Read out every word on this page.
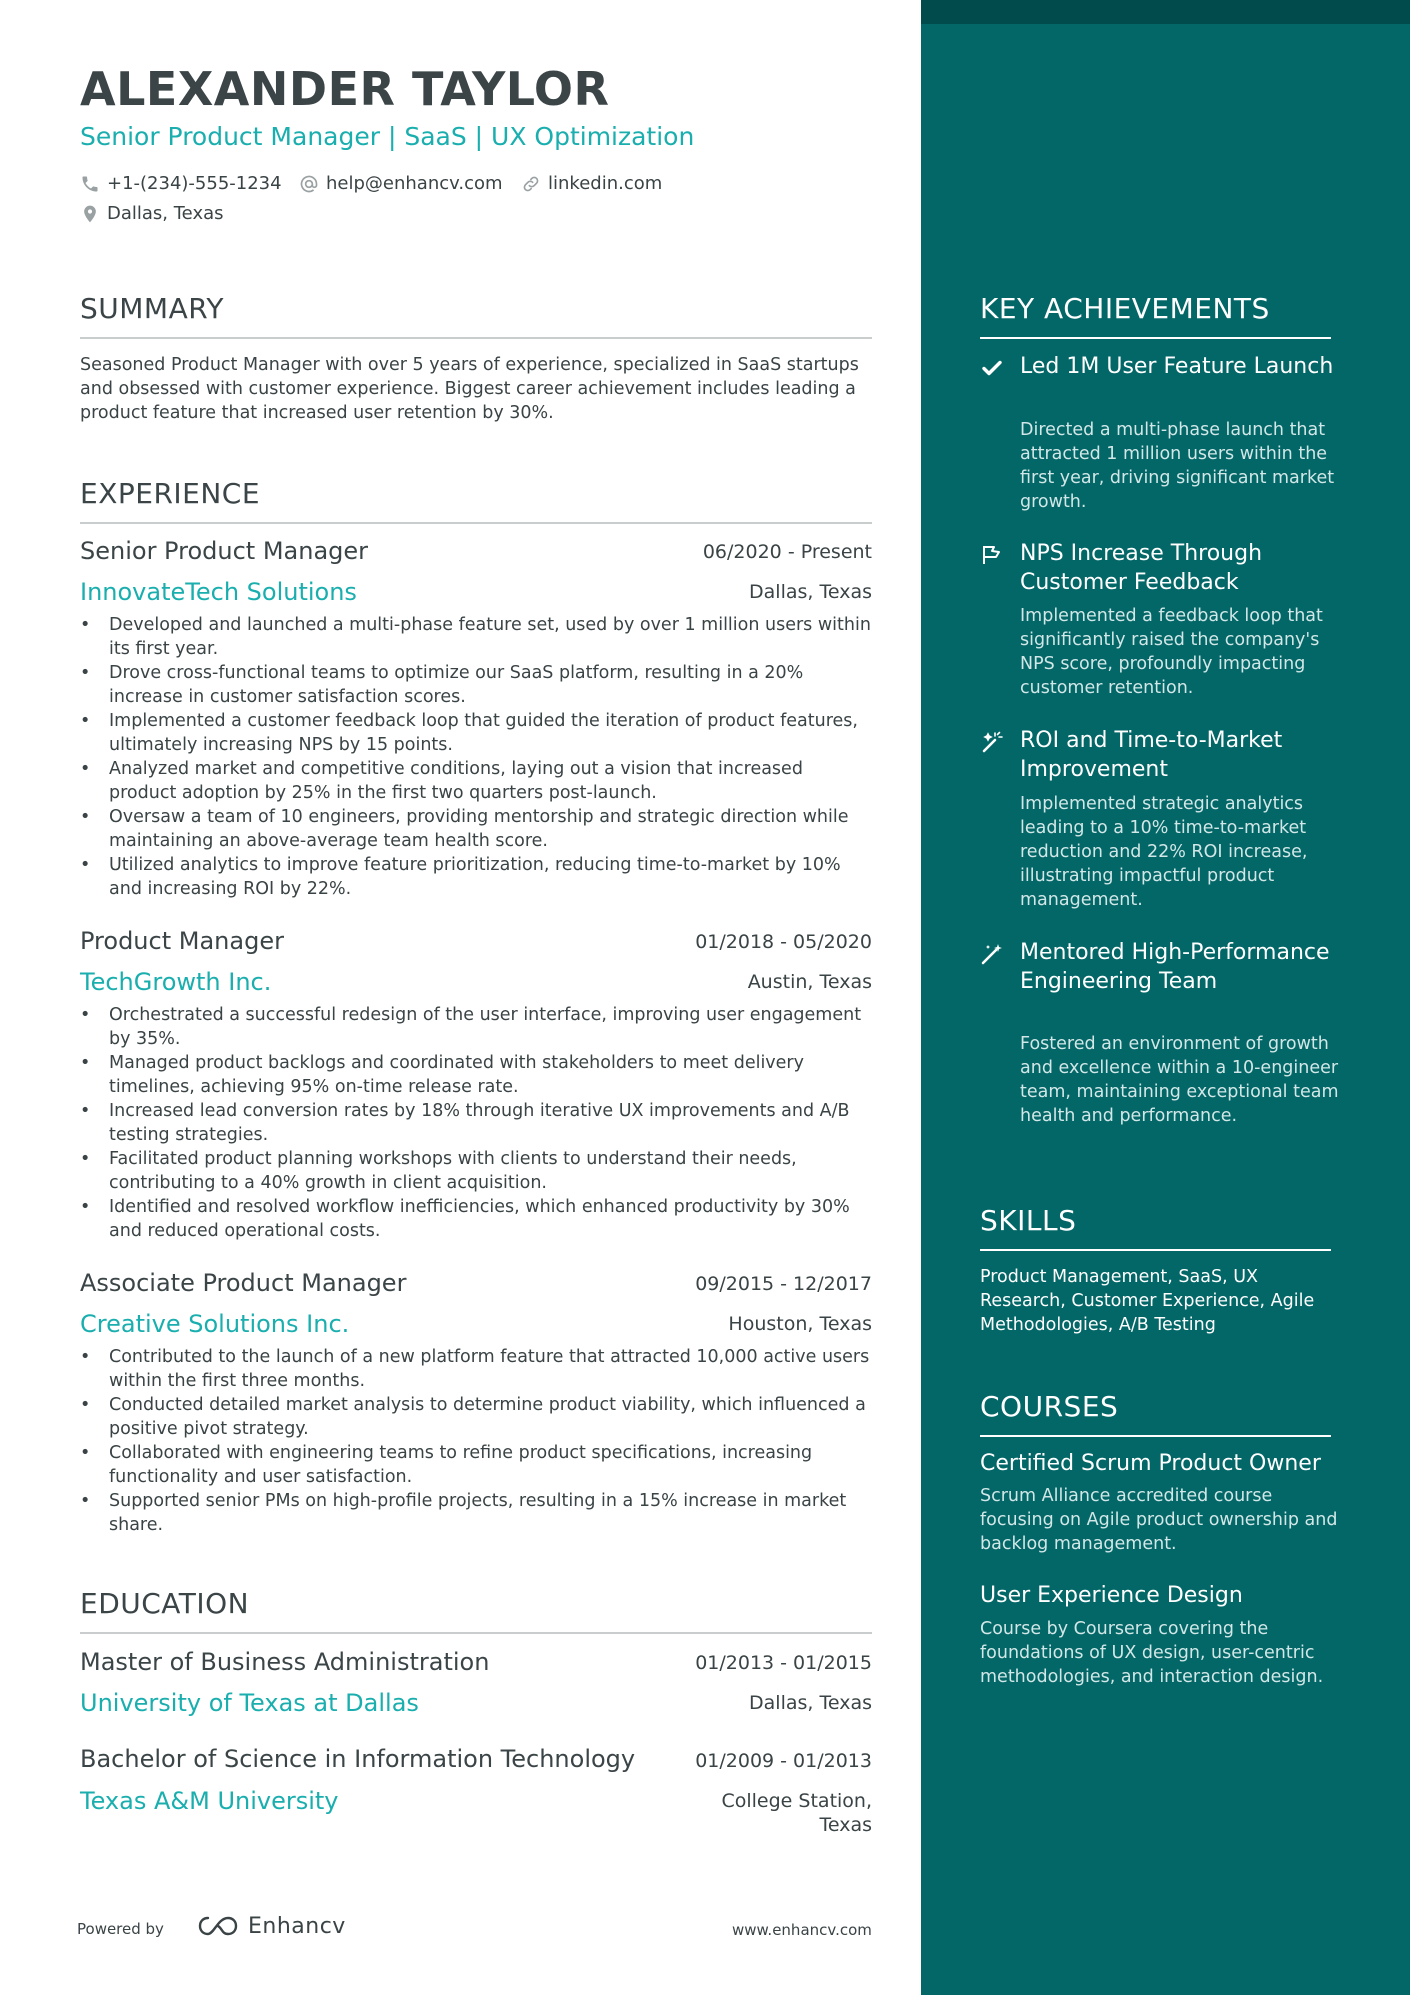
ALEXANDER TAYLOR
Senior Product Manager | SaaS | UX Optimization
+1-(234)-555-1234 help@enhancv.com	linkedin.com
Dallas, Texas
SUMMARY
Seasoned Product Manager with over 5 years of experience, specialized in SaaS startups and obsessed with customer experience. Biggest career achievement includes leading a product feature that increased user retention by 30%.
EXPERIENCE
Senior Product Manager	06/2020 - Present
InnovateTech Solutions	Dallas, Texas
• Developed and launched a multi-phase feature set, used by over 1 million users within its first year.
• Drove cross-functional teams to optimize our SaaS platform, resulting in a 20% increase in customer satisfaction scores.
• Implemented a customer feedback loop that guided the iteration of product features, ultimately increasing NPS by 15 points.
• Analyzed market and competitive conditions, laying out a vision that increased product adoption by 25% in the first two quarters post-launch.
• Oversaw a team of 10 engineers, providing mentorship and strategic direction while maintaining an above-average team health score.
• Utilized analytics to improve feature prioritization, reducing time-to-market by 10% and increasing ROI by 22%.
Product Manager	01/2018 - 05/2020
TechGrowth Inc.	Austin, Texas
• Orchestrated a successful redesign of the user interface, improving user engagement by 35%.
• Managed product backlogs and coordinated with stakeholders to meet delivery timelines, achieving 95% on-time release rate.
• Increased lead conversion rates by 18% through iterative UX improvements and A/B testing strategies.
• Facilitated product planning workshops with clients to understand their needs, contributing to a 40% growth in client acquisition.
• Identified and resolved workflow inefficiencies, which enhanced productivity by 30% and reduced operational costs.
Associate Product Manager	09/2015 - 12/2017
Creative Solutions Inc.	Houston, Texas
• Contributed to the launch of a new platform feature that attracted 10,000 active users within the first three months.
• Conducted detailed market analysis to determine product viability, which influenced a positive pivot strategy.
• Collaborated with engineering teams to refine product specifications, increasing functionality and user satisfaction.
• Supported senior PMs on high-profile projects, resulting in a 15% increase in market share.
EDUCATION
Master of Business Administration	01/2013 - 01/2015
University of Texas at Dallas	Dallas, Texas
Bachelor of Science in Information Technology	01/2009 - 01/2013
Texas A&M University	College Station, Texas
Powered by	Enhancv	www.enhancv.com
KEY ACHIEVEMENTS
Led 1M User Feature Launch
Directed a multi-phase launch that attracted 1 million users within the first year, driving significant market growth.
NPS Increase Through Customer Feedback
Implemented a feedback loop that significantly raised the company's NPS score, profoundly impacting customer retention.
ROI and Time-to-Market Improvement
Implemented strategic analytics leading to a 10% time-to-market reduction and 22% ROI increase, illustrating impactful product management.
Mentored High-Performance Engineering Team
Fostered an environment of growth and excellence within a 10-engineer team, maintaining exceptional team health and performance.
SKILLS
Product Management, SaaS, UX Research, Customer Experience, Agile Methodologies, A/B Testing
COURSES
Certified Scrum Product Owner
Scrum Alliance accredited course focusing on Agile product ownership and backlog management.
User Experience Design
Course by Coursera covering the foundations of UX design, user-centric methodologies, and interaction design.
